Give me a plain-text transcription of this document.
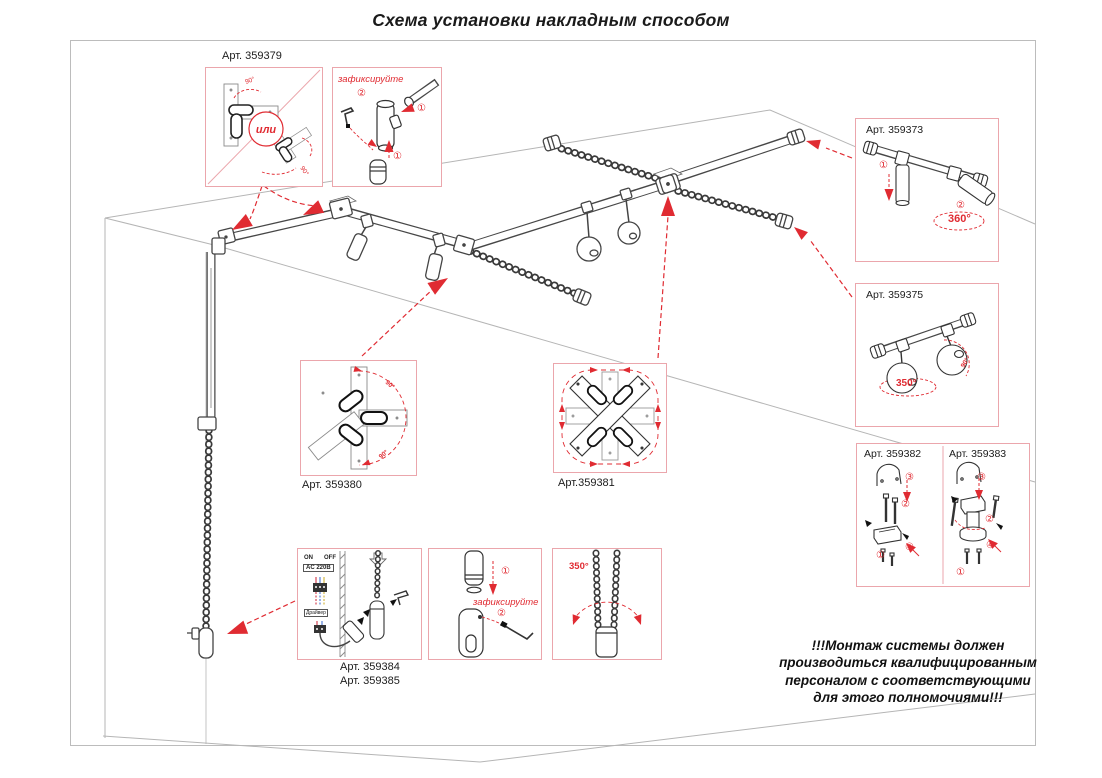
Схема установки накладным способом
Арт. 359379
90°
90°
или
зафиксируйте
②
①
①
Арт. 359373
①
②
360°
Арт. 359375
350°
90°
Арт. 359382	Арт. 359383
③
②
④
①
③
②
④
①
90°
90°
Арт. 359380	Арт.359381
ON OFF
AC 220В
Драйвер
Арт. 359384
Арт. 359385
①
зафиксируйте
②
350°
!!!Монтаж системы должен
производиться квалифицированным
персоналом с соответствующими
для этого полномочиями!!!
